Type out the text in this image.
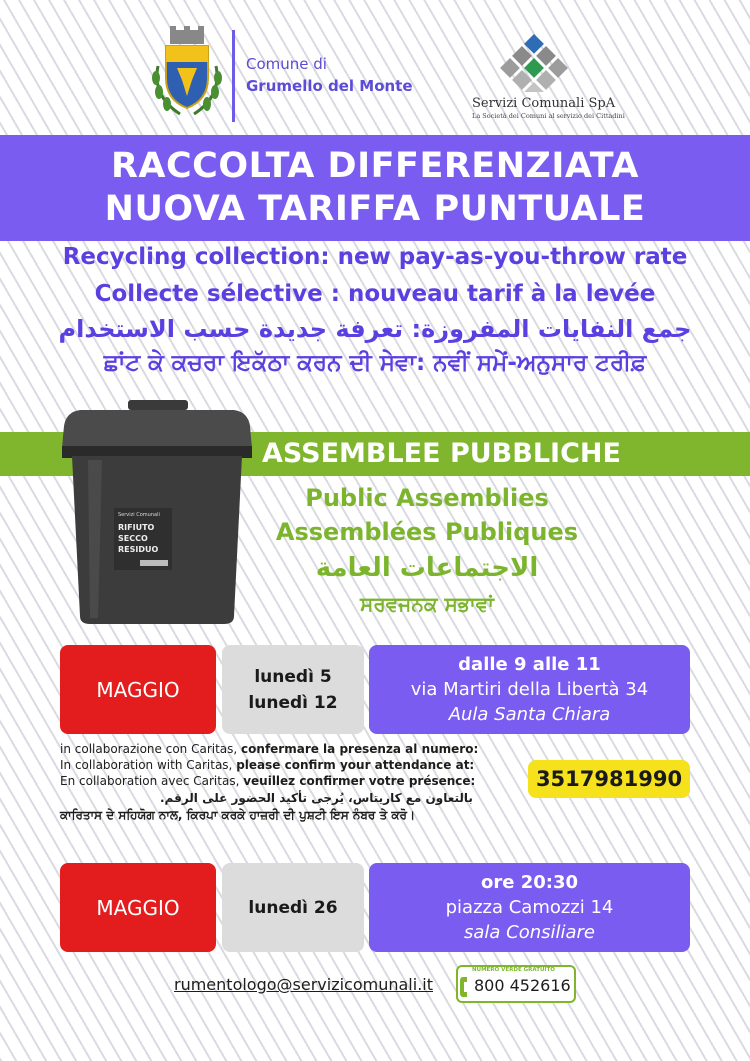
Comune di
Grumello del Monte
Servizi Comunali SpA
La Società dei Comuni al servizio dei Cittadini
RACCOLTA DIFFERENZIATA
NUOVA TARIFFA PUNTUALE
Recycling collection: new pay-as-you-throw rate
Collecte sélective : nouveau tarif à la levée
جمع النفايات المفروزة: تعرفة جديدة حسب الاستخدام
ਛਾਂਟ ਕੇ ਕਚਰਾ ਇਕੱਠਾ ਕਰਨ ਦੀ ਸੇਵਾ: ਨਵੀਂ ਸਮੇਂ-ਅਨੁਸਾਰ ਟਰੀਫ਼
ASSEMBLEE PUBBLICHE
Servizi Comunali
RIFIUTO
SECCO
RESIDUO
Public Assemblies
Assemblées Publiques
الاجتماعات العامة
ਸਰਵਜਨਕ ਸਭਾਵਾਂ
MAGGIO
lunedì 5
lunedì 12
dalle 9 alle 11
via Martiri della Libertà 34
Aula Santa Chiara
in collaborazione con Caritas, confermare la presenza al numero:
In collaboration with Caritas, please confirm your attendance at:
En collaboration avec Caritas, veuillez confirmer votre présence:
بالتعاون مع كاريتاس، يُرجى تأكيد الحضور على الرقم.
ਕਾਰਿਤਾਸ ਦੇ ਸਹਿਯੋਗ ਨਾਲ, ਕਿਰਪਾ ਕਰਕੇ ਹਾਜ਼ਰੀ ਦੀ ਪੁਸ਼ਟੀ ਇਸ ਨੰਬਰ ਤੇ ਕਰੋ।
3517981990
MAGGIO	lunedì 26
ore 20:30
piazza Camozzi 14
sala Consiliare
rumentologo@servizicomunali.it
NUMERO VERDE GRATUITO
800 452616
